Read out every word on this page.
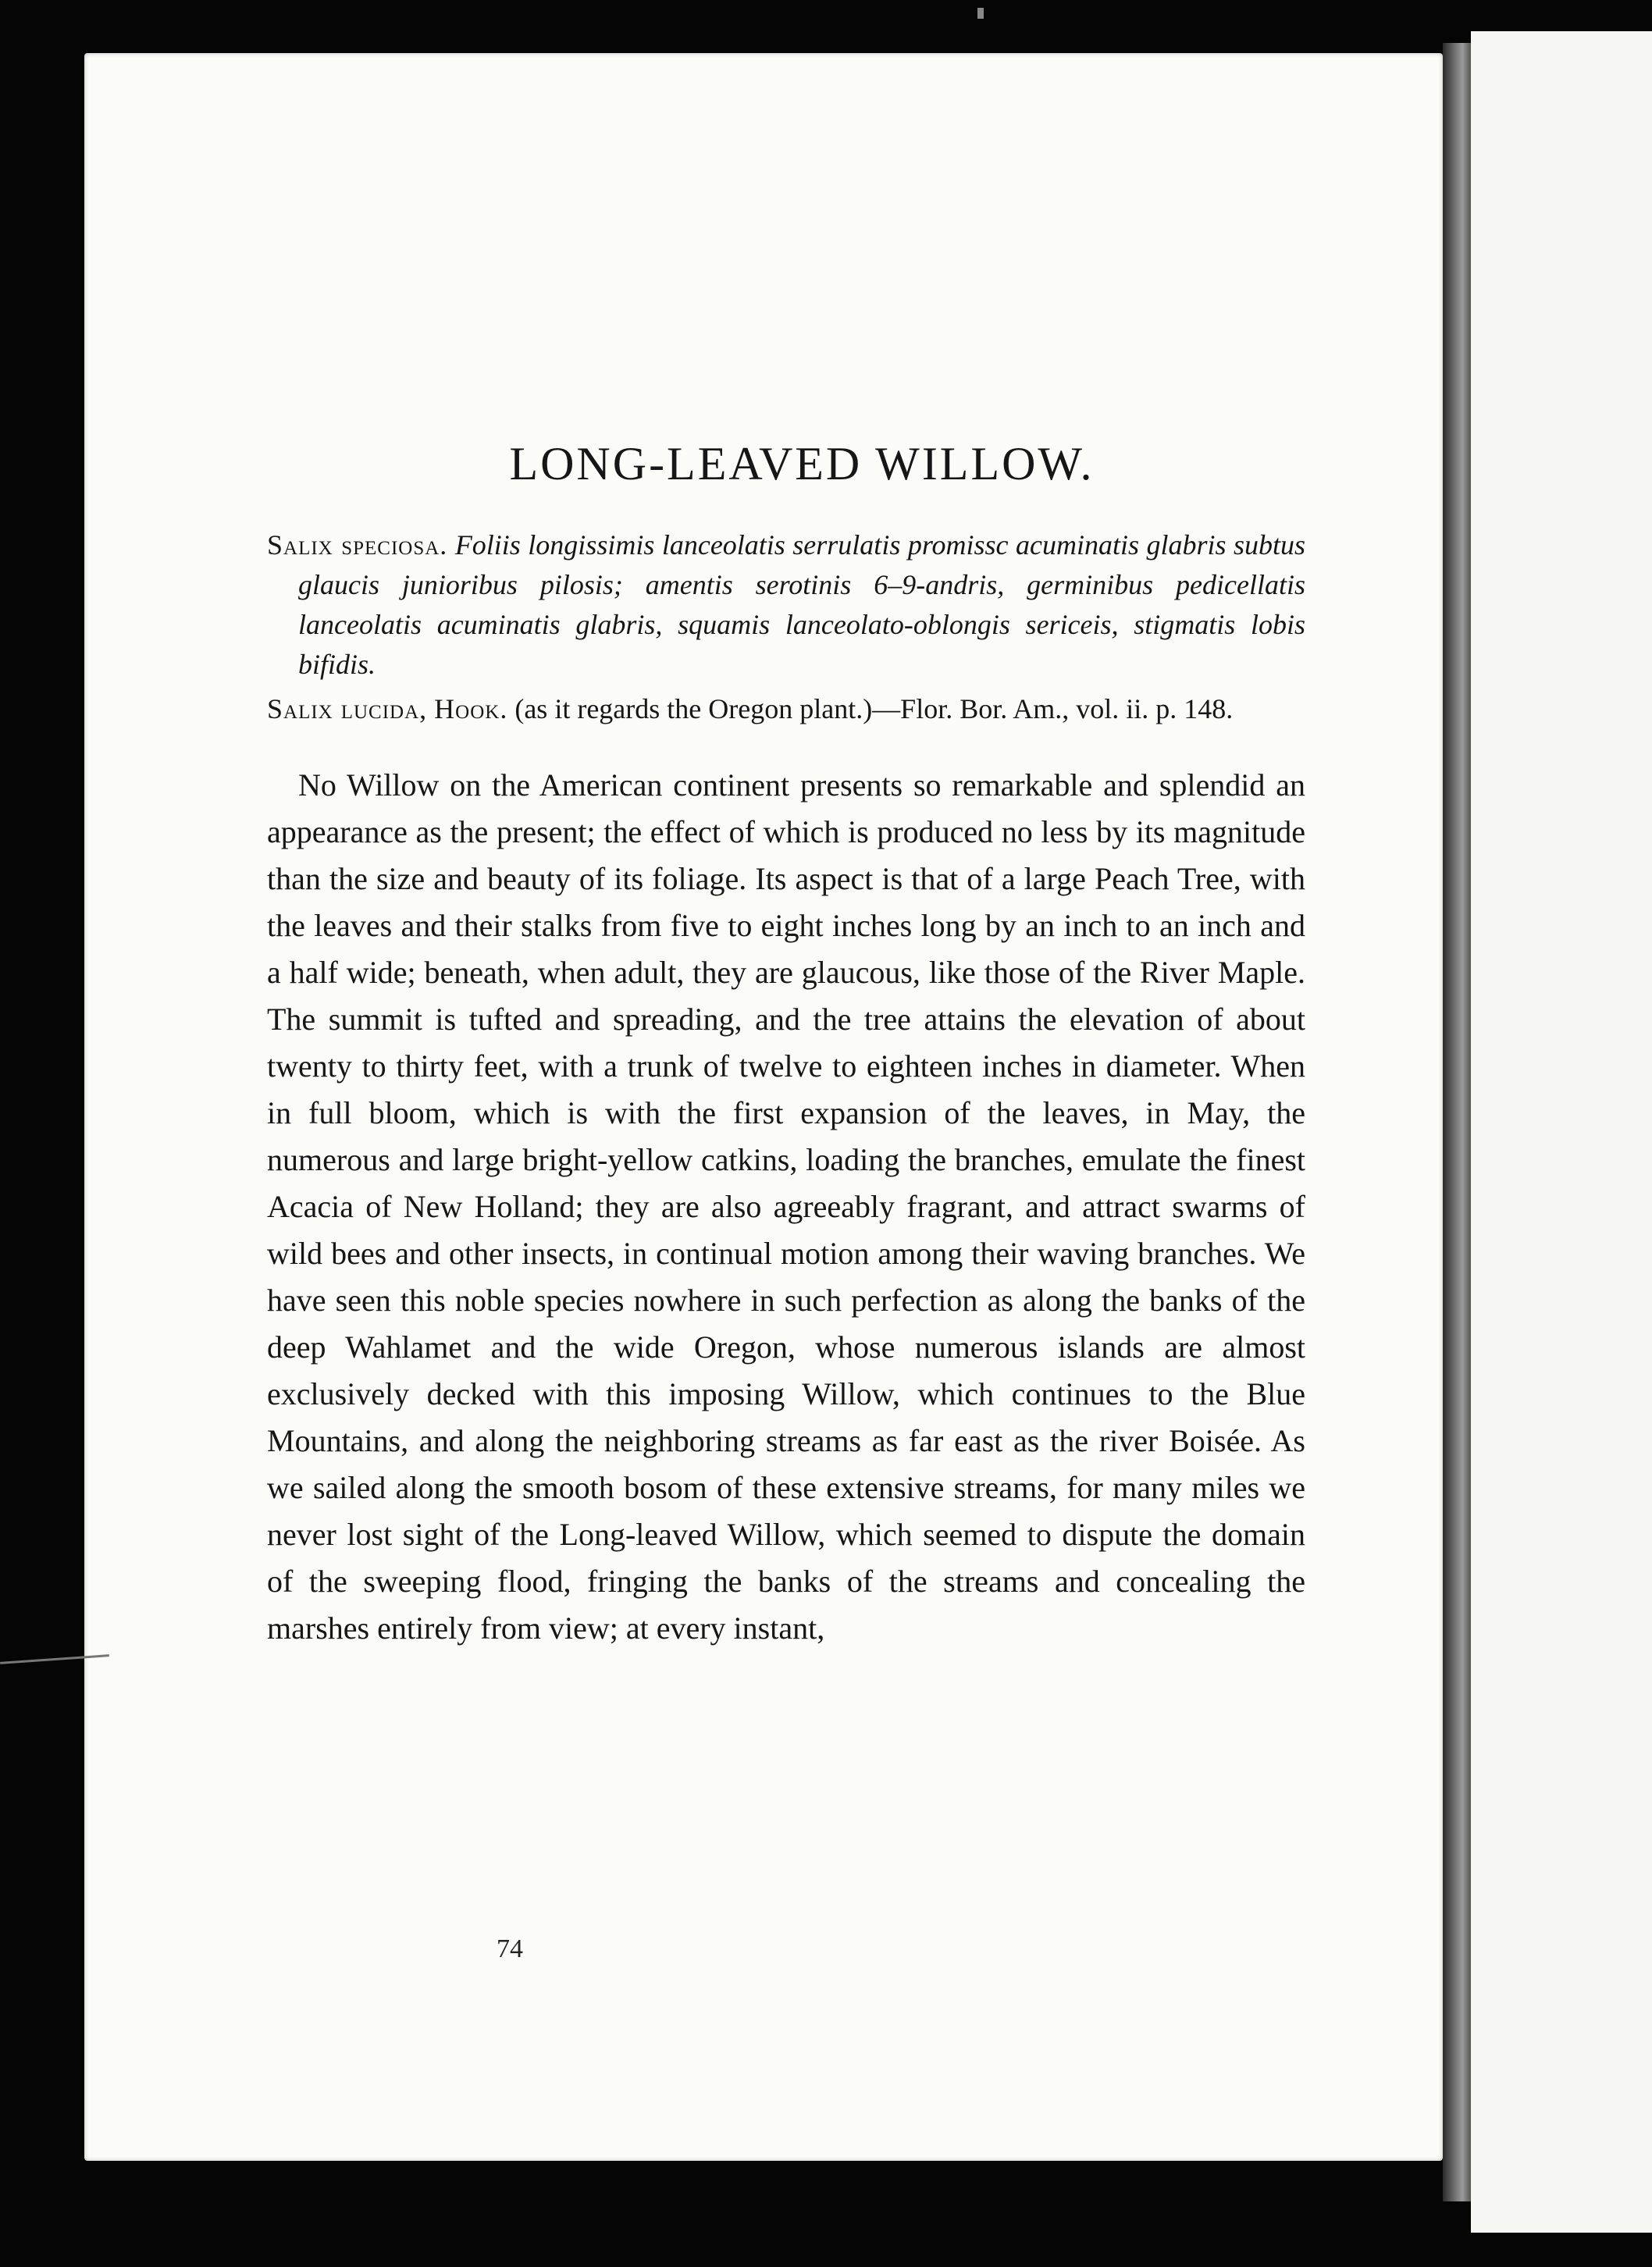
LONG-LEAVED WILLOW.

Salix speciosa. Foliis longissimis lanceolatis serrulatis promissc acuminatis glabris subtus glaucis junioribus pilosis; amentis serotinis 6–9-andris, germinibus pedicellatis lanceolatis acuminatis glabris, squamis lanceolato-oblongis sericeis, stigmatis lobis bifidis.

Salix lucida, Hook. (as it regards the Oregon plant.)—Flor. Bor. Am., vol. ii. p. 148.

No Willow on the American continent presents so remarkable and splendid an appearance as the present; the effect of which is produced no less by its magnitude than the size and beauty of its foliage. Its aspect is that of a large Peach Tree, with the leaves and their stalks from five to eight inches long by an inch to an inch and a half wide; beneath, when adult, they are glaucous, like those of the River Maple. The summit is tufted and spreading, and the tree attains the elevation of about twenty to thirty feet, with a trunk of twelve to eighteen inches in diameter. When in full bloom, which is with the first expansion of the leaves, in May, the numerous and large bright-yellow catkins, loading the branches, emulate the finest Acacia of New Holland; they are also agreeably fragrant, and attract swarms of wild bees and other insects, in continual motion among their waving branches. We have seen this noble species nowhere in such perfection as along the banks of the deep Wahlamet and the wide Oregon, whose numerous islands are almost exclusively decked with this imposing Willow, which continues to the Blue Mountains, and along the neighboring streams as far east as the river Boisée. As we sailed along the smooth bosom of these extensive streams, for many miles we never lost sight of the Long-leaved Willow, which seemed to dispute the domain of the sweeping flood, fringing the banks of the streams and concealing the marshes entirely from view; at every instant,

74
